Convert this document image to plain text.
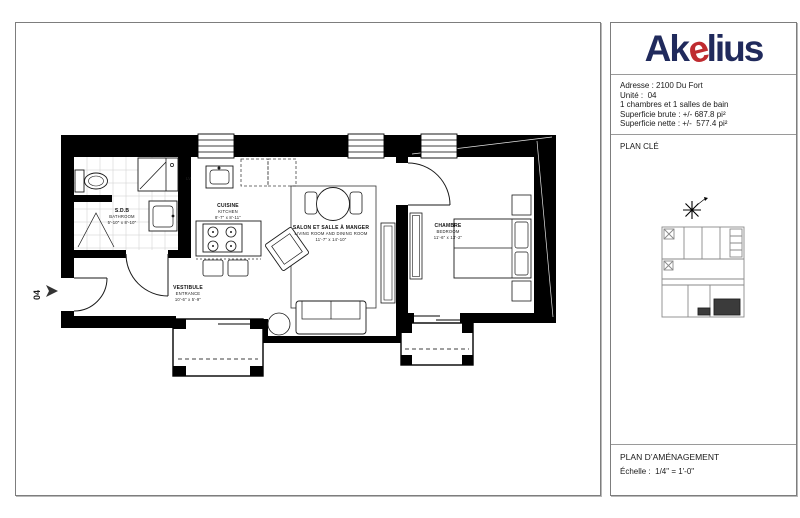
04
LV
S.D.B
BATHROOM
5'-10" x 8'-10"
CUISINE
KITCHEN
8'-7" x 8'-11"
VESTIBULE
ENTRANCE
10'-6" x 5'-9"
SALON ET SALLE À MANGER
LIVING ROOM AND DINING ROOM
11'-7" x 14'-10"
CHAMBRE
BEDROOM
11'-6" x 13'-2"
Akelius
Adresse : 2100 Du Fort
Unité :  04
1 chambres et 1 salles de bain
Superficie brute : +/- 687.8 pi²
Superficie nette : +/-  577.4 pi²
PLAN CLÉ
PLAN D’AMÉNAGEMENT
Échelle :  1/4" = 1'-0"
